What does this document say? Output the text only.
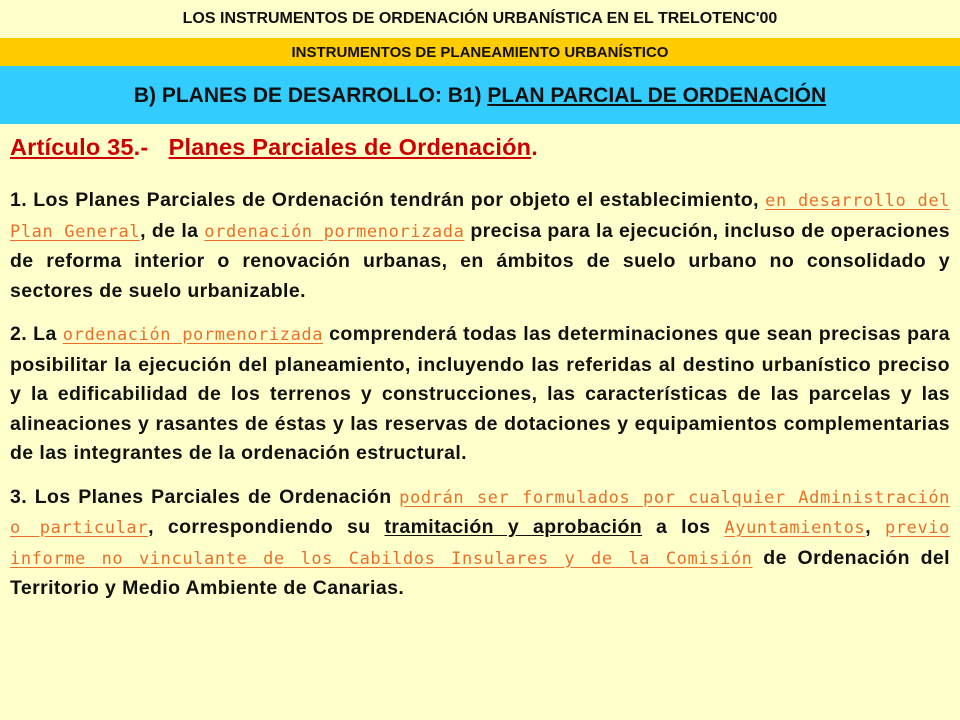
LOS INSTRUMENTOS DE ORDENACIÓN URBANÍSTICA EN EL TRELOTENC'00
INSTRUMENTOS DE PLANEAMIENTO URBANÍSTICO
B) PLANES DE DESARROLLO: B1) PLAN PARCIAL DE ORDENACIÓN
Artículo 35.- Planes Parciales de Ordenación.

1. Los Planes Parciales de Ordenación tendrán por objeto el establecimiento, en desarrollo del Plan General, de la ordenación pormenorizada precisa para la ejecución, incluso de operaciones de reforma interior o renovación urbanas, en ámbitos de suelo urbano no consolidado y sectores de suelo urbanizable.

2. La ordenación pormenorizada comprenderá todas las determinaciones que sean precisas para posibilitar la ejecución del planeamiento, incluyendo las referidas al destino urbanístico preciso y la edificabilidad de los terrenos y construcciones, las características de las parcelas y las alineaciones y rasantes de éstas y las reservas de dotaciones y equipamientos complementarias de las integrantes de la ordenación estructural.

3. Los Planes Parciales de Ordenación podrán ser formulados por cualquier Administración o particular, correspondiendo su tramitación y aprobación a los Ayuntamientos, previo informe no vinculante de los Cabildos Insulares y de la Comisión de Ordenación del Territorio y Medio Ambiente de Canarias.
